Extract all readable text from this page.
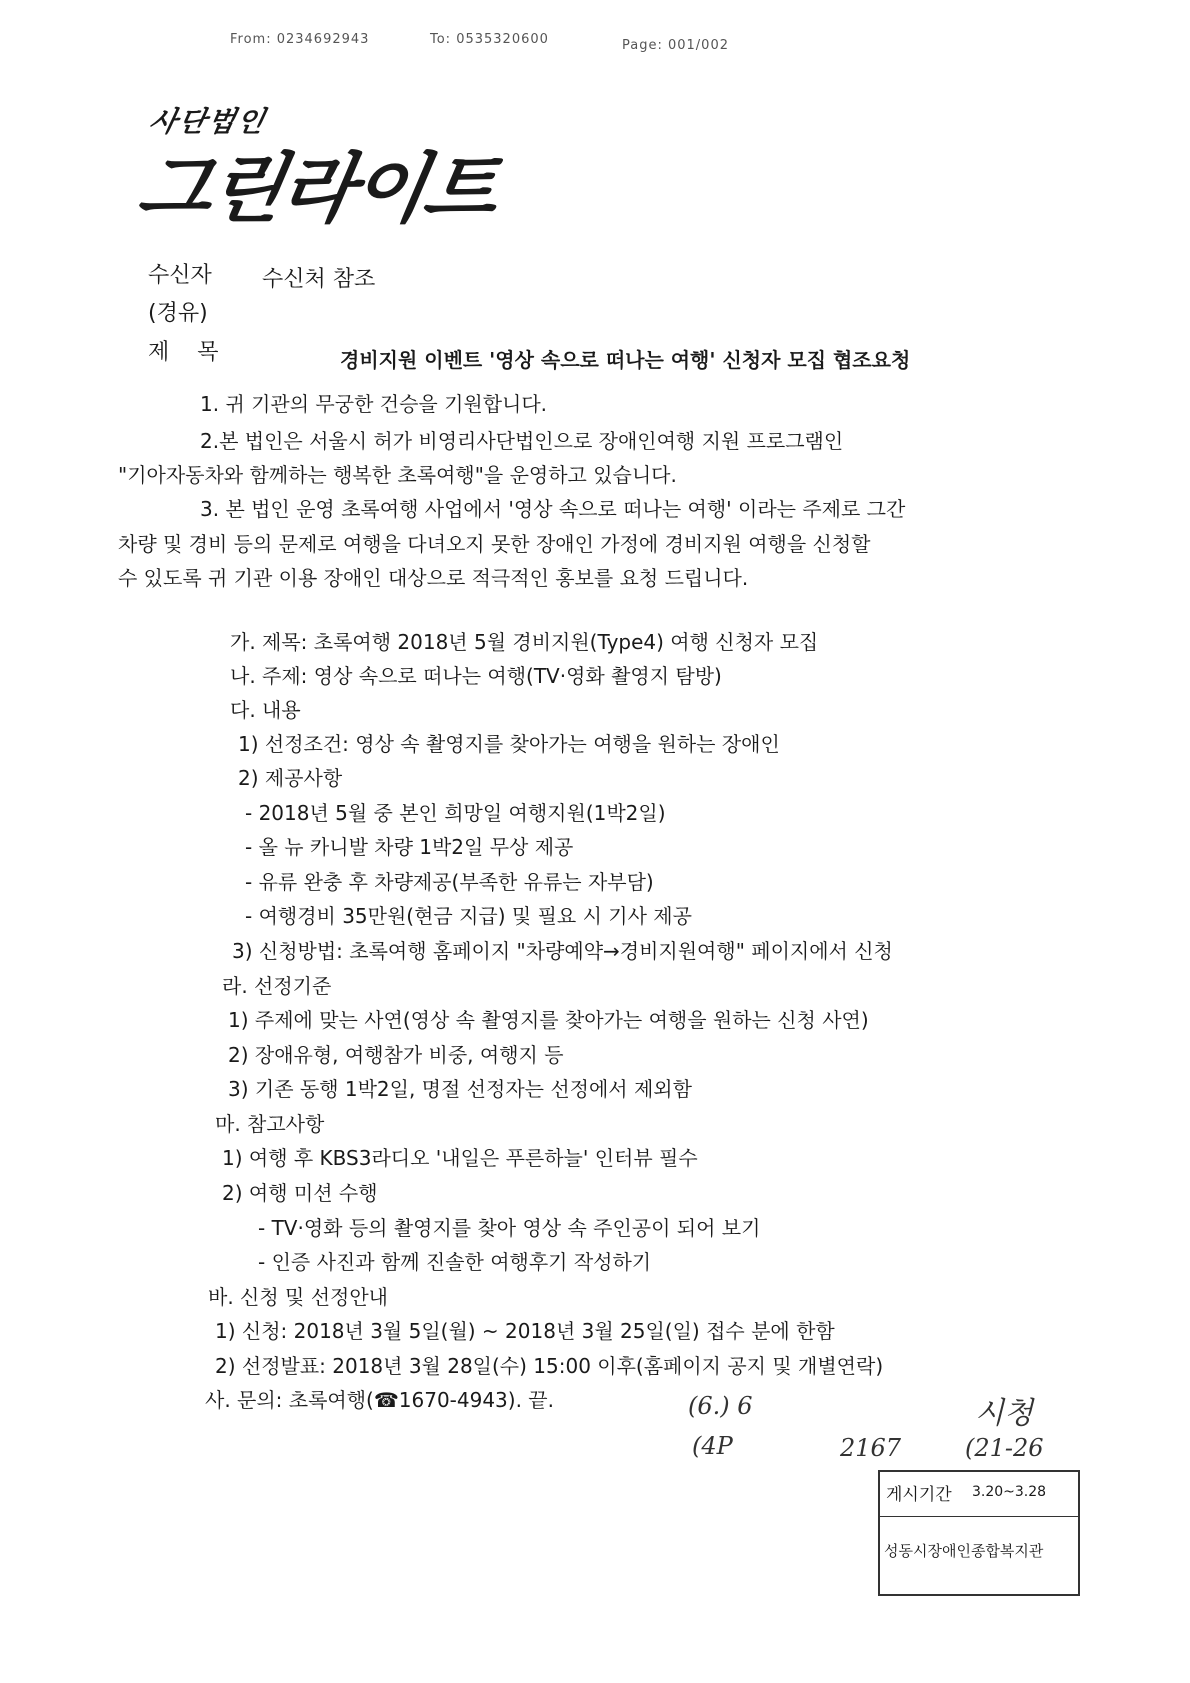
From: 0234692943	To: 0535320600	Page: 001/002
사단법인
그린라이트
수신자 수신처 참조
(경유)
제    목	경비지원 이벤트 '영상 속으로 떠나는 여행' 신청자 모집 협조요청
1. 귀 기관의 무궁한 건승을 기원합니다.
2.본 법인은 서울시 허가 비영리사단법인으로 장애인여행 지원 프로그램인
"기아자동차와 함께하는 행복한 초록여행"을 운영하고 있습니다.
3. 본 법인 운영 초록여행 사업에서 '영상 속으로 떠나는 여행' 이라는 주제로 그간
차량 및 경비 등의 문제로 여행을 다녀오지 못한 장애인 가정에 경비지원 여행을 신청할
수 있도록 귀 기관 이용 장애인 대상으로 적극적인 홍보를 요청 드립니다.
가. 제목: 초록여행 2018년 5월 경비지원(Type4) 여행 신청자 모집
나. 주제: 영상 속으로 떠나는 여행(TV·영화 촬영지 탐방)
다. 내용
1) 선정조건: 영상 속 촬영지를 찾아가는 여행을 원하는 장애인
2) 제공사항
- 2018년 5월 중 본인 희망일 여행지원(1박2일)
- 올 뉴 카니발 차량 1박2일 무상 제공
- 유류 완충 후 차량제공(부족한 유류는 자부담)
- 여행경비 35만원(현금 지급) 및 필요 시 기사 제공
3) 신청방법: 초록여행 홈페이지 "차량예약→경비지원여행" 페이지에서 신청
라. 선정기준
1) 주제에 맞는 사연(영상 속 촬영지를 찾아가는 여행을 원하는 신청 사연)
2) 장애유형, 여행참가 비중, 여행지 등
3) 기존 동행 1박2일, 명절 선정자는 선정에서 제외함
마. 참고사항
1) 여행 후 KBS3라디오 '내일은 푸른하늘' 인터뷰 필수
2) 여행 미션 수행
- TV·영화 등의 촬영지를 찾아 영상 속 주인공이 되어 보기
- 인증 사진과 함께 진솔한 여행후기 작성하기
바. 신청 및 선정안내
1) 신청: 2018년 3월 5일(월) ~ 2018년 3월 25일(일) 접수 분에 한함
2) 선정발표: 2018년 3월 28일(수) 15:00 이후(홈페이지 공지 및 개별연락)
사. 문의: 초록여행(☎1670-4943). 끝.	(6.) 6
(4P
시청
2167	(21-26
게시기간 3.20~3.28
성동시장애인종합복지관
